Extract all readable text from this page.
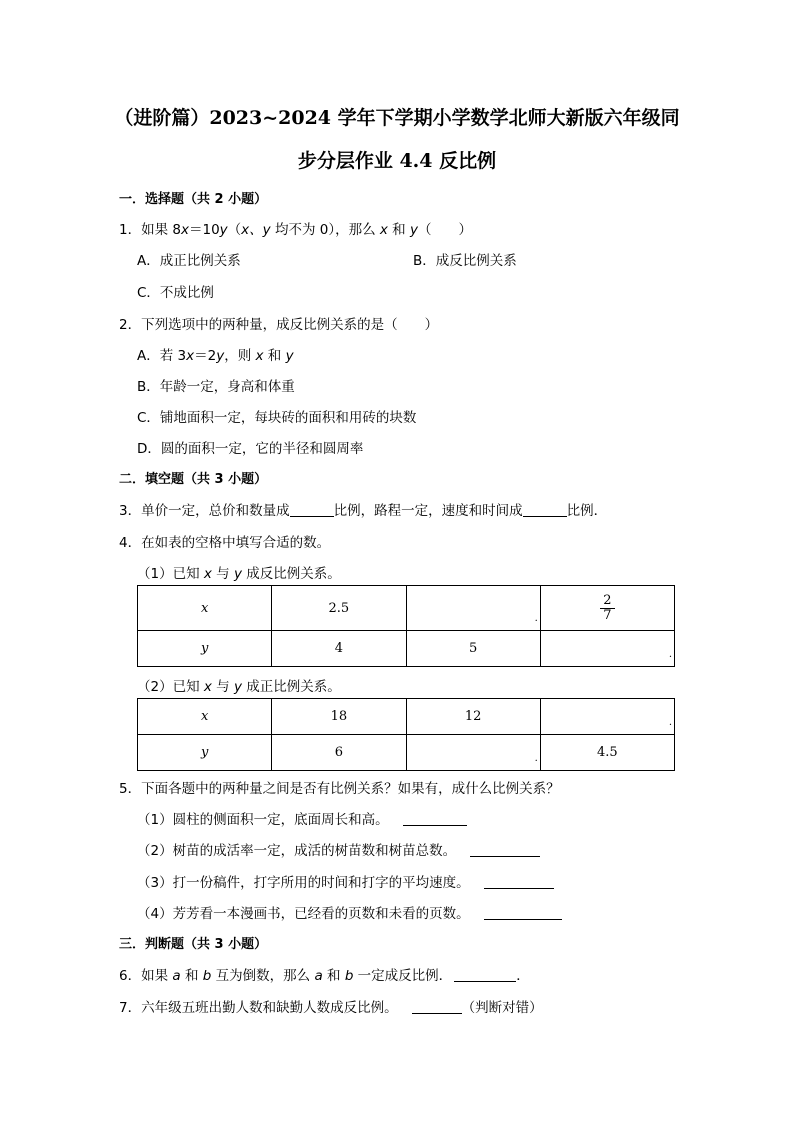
（进阶篇）2023~2024 学年下学期小学数学北师大新版六年级同
步分层作业 4.4 反比例
一．选择题（共 2 小题）
1．如果 8x＝10y（x、y 均不为 0），那么 x 和 y（　　）
A．成正比例关系	B．成反比例关系
C．不成比例
2．下列选项中的两种量，成反比例关系的是（　　）
A．若 3x＝2y，则 x 和 y
B．年龄一定，身高和体重
C．铺地面积一定，每块砖的面积和用砖的块数
D．圆的面积一定，它的半径和圆周率
二．填空题（共 3 小题）
3．单价一定，总价和数量成	比例，路程一定，速度和时间成	比例．
4．在如表的空格中填写合适的数。
（1）已知 x 与 y 成反比例关系。
x	2.5	.	$\frac{2}{7}$

y	4	5	.
（2）已知 x 与 y 成正比例关系。
x	18	12	.

y	6	.	4.5
5．下面各题中的两种量之间是否有比例关系？如果有，成什么比例关系？
（1）圆柱的侧面积一定，底面周长和高。
（2）树苗的成活率一定，成活的树苗数和树苗总数。
（3）打一份稿件，打字所用的时间和打字的平均速度。
（4）芳芳看一本漫画书，已经看的页数和未看的页数。
三．判断题（共 3 小题）
6．如果 a 和 b 互为倒数，那么 a 和 b 一定成反比例．	．
7．六年级五班出勤人数和缺勤人数成反比例。	（判断对错）
